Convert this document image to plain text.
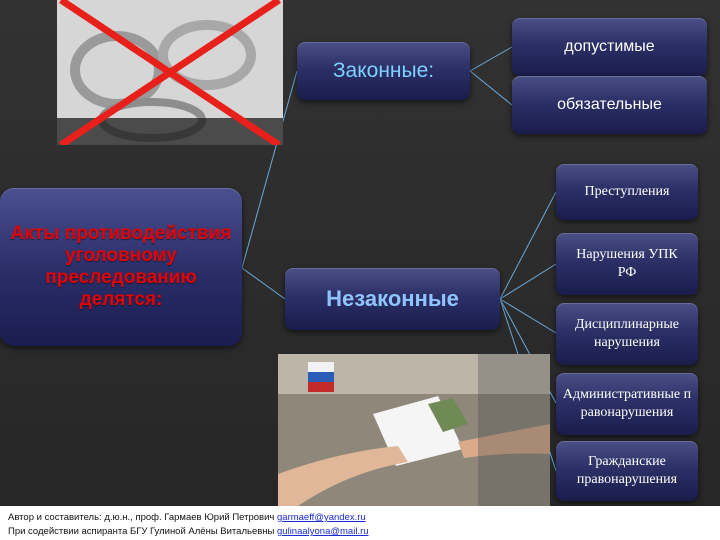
Акты противодействия уголовному преследованию делятся:
Законные:
допустимые
обязательные
Незаконные
Преступления
Нарушения УПК РФ
Дисциплинарные нарушения
Административные правонарушения
Гражданские правонарушения
Автор и составитель: д.ю.н., проф. Гармаев Юрий Петрович garmaeff@yandex.ru
При содействии аспиранта БГУ Гулиной Алёны Витальевны gulinaalyona@mail.ru
